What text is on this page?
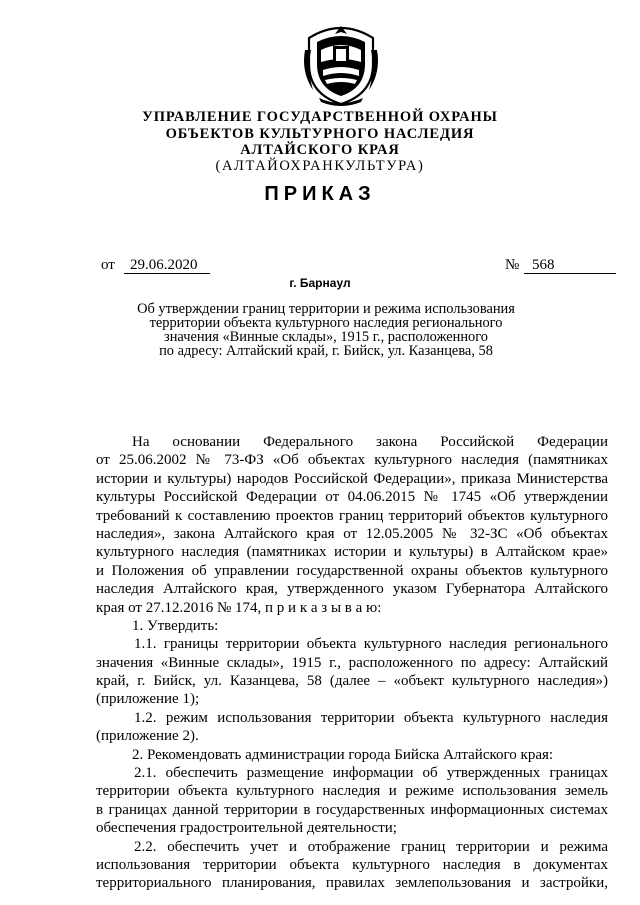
УПРАВЛЕНИЕ ГОСУДАРСТВЕННОЙ ОХРАНЫ
ОБЪЕКТОВ КУЛЬТУРНОГО НАСЛЕДИЯ
АЛТАЙСКОГО КРАЯ
(АЛТАЙОХРАНКУЛЬТУРА)
ПРИКАЗ
от	29.06.2020	№ 568
г. Барнаул
Об утверждении границ территории и режима использования
территории объекта культурного наследия регионального
значения «Винные склады», 1915 г., расположенного
по адресу: Алтайский край, г. Бийск, ул. Казанцева, 58
На основании Федерального закона Российской Федерации
от 25.06.2002 № 73-ФЗ «Об объектах культурного наследия (памятниках
истории и культуры) народов Российской Федерации», приказа Министерства
культуры Российской Федерации от 04.06.2015 № 1745 «Об утверждении
требований к составлению проектов границ территорий объектов культурного
наследия», закона Алтайского края от 12.05.2005 № 32-ЗС «Об объектах
культурного наследия (памятниках истории и культуры) в Алтайском крае»
и Положения об управлении государственной охраны объектов культурного
наследия Алтайского края, утвержденного указом Губернатора Алтайского
края от 27.12.2016 № 174, п р и к а з ы в а ю:
1. Утвердить:
1.1. границы территории объекта культурного наследия регионального
значения «Винные склады», 1915 г., расположенного по адресу: Алтайский
край, г. Бийск, ул. Казанцева, 58 (далее – «объект культурного наследия»)
(приложение 1);
1.2. режим использования территории объекта культурного наследия
(приложение 2).
2. Рекомендовать администрации города Бийска Алтайского края:
2.1. обеспечить размещение информации об утвержденных границах
территории объекта культурного наследия и режиме использования земель
в границах данной территории в государственных информационных системах
обеспечения градостроительной деятельности;
2.2. обеспечить учет и отображение границ территории и режима
использования территории объекта культурного наследия в документах
территориального планирования, правилах землепользования и застройки,
